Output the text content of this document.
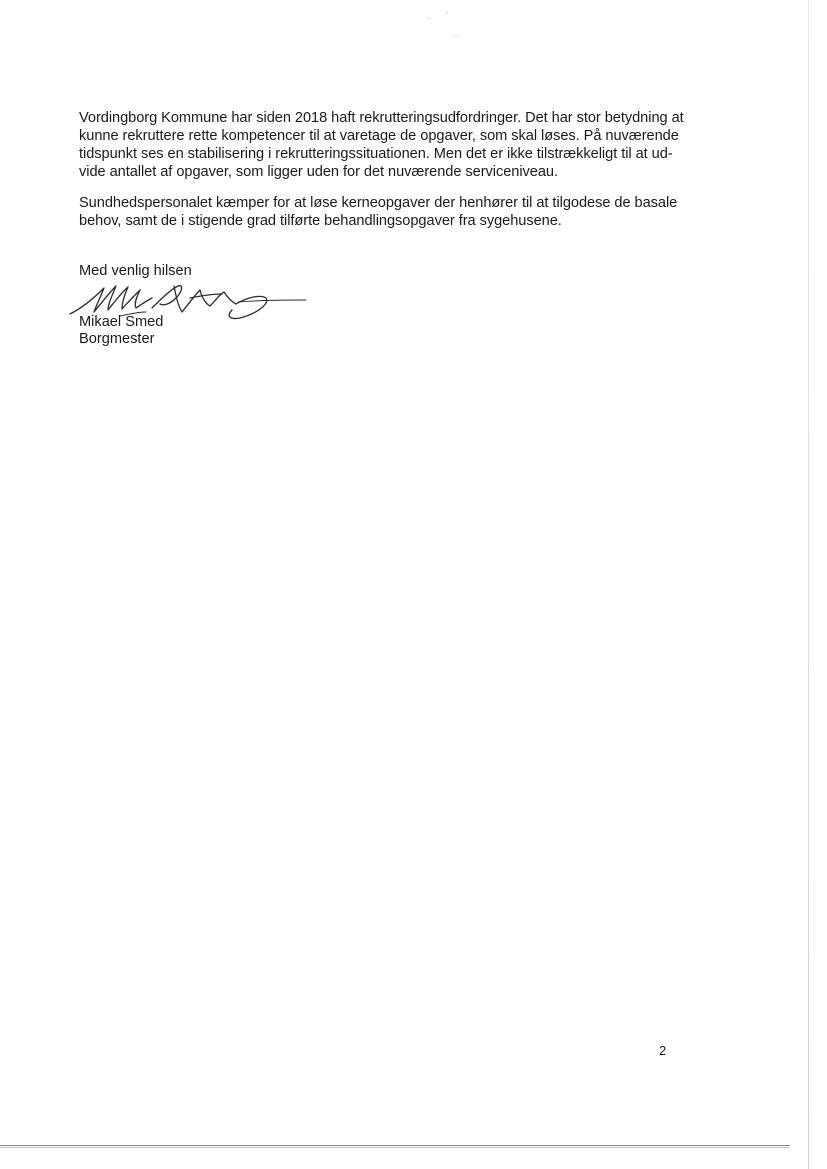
Vordingborg Kommune har siden 2018 haft rekrutteringsudfordringer. Det har stor betydning at

kunne rekruttere rette kompetencer til at varetage de opgaver, som skal løses. På nuværende

tidspunkt ses en stabilisering i rekrutteringssituationen. Men det er ikke tilstrækkeligt til at ud-

vide antallet af opgaver, som ligger uden for det nuværende serviceniveau.

Sundhedspersonalet kæmper for at løse kerneopgaver der henhører til at tilgodese de basale

behov, samt de i stigende grad tilførte behandlingsopgaver fra sygehusene.

Med venlig hilsen
Mikael Smed
Borgmester
2
